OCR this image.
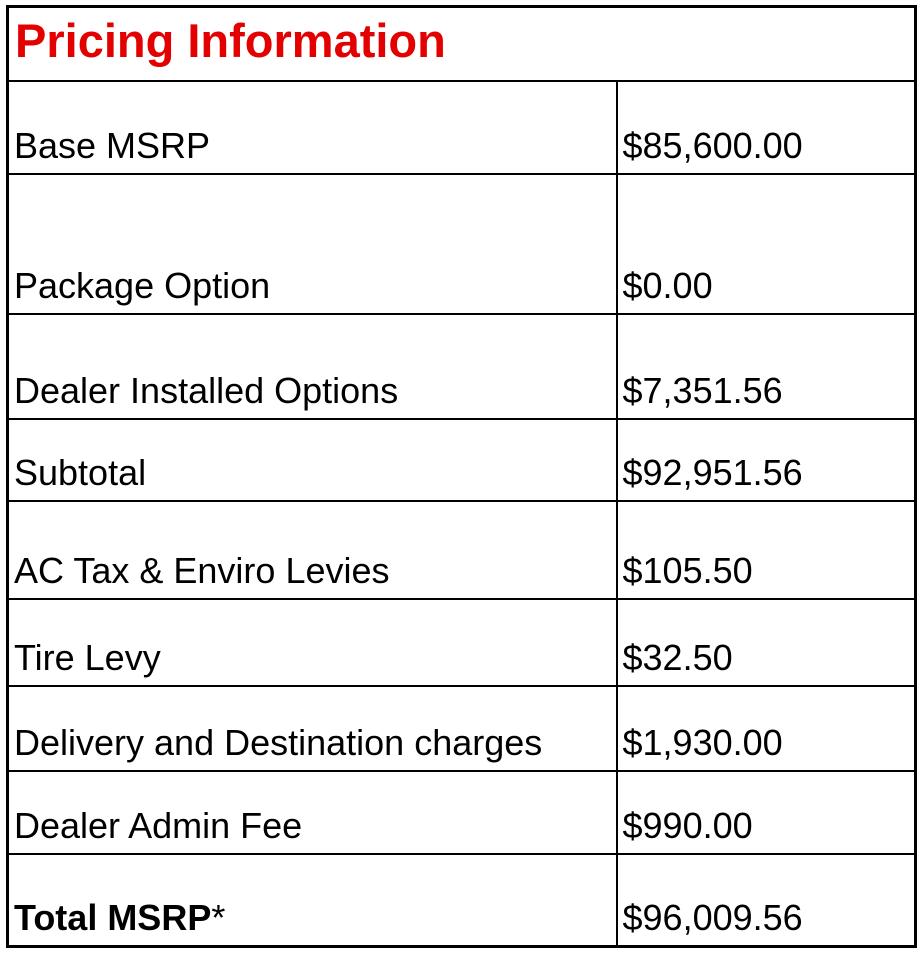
Pricing Information	
Base MSRP	$85,600.00
Package Option	$0.00
Dealer Installed Options	$7,351.56
Subtotal	$92,951.56
AC Tax & Enviro Levies	$105.50
Tire Levy	$32.50
Delivery and Destination charges	$1,930.00
Dealer Admin Fee	$990.00
Total MSRP*	$96,009.56
